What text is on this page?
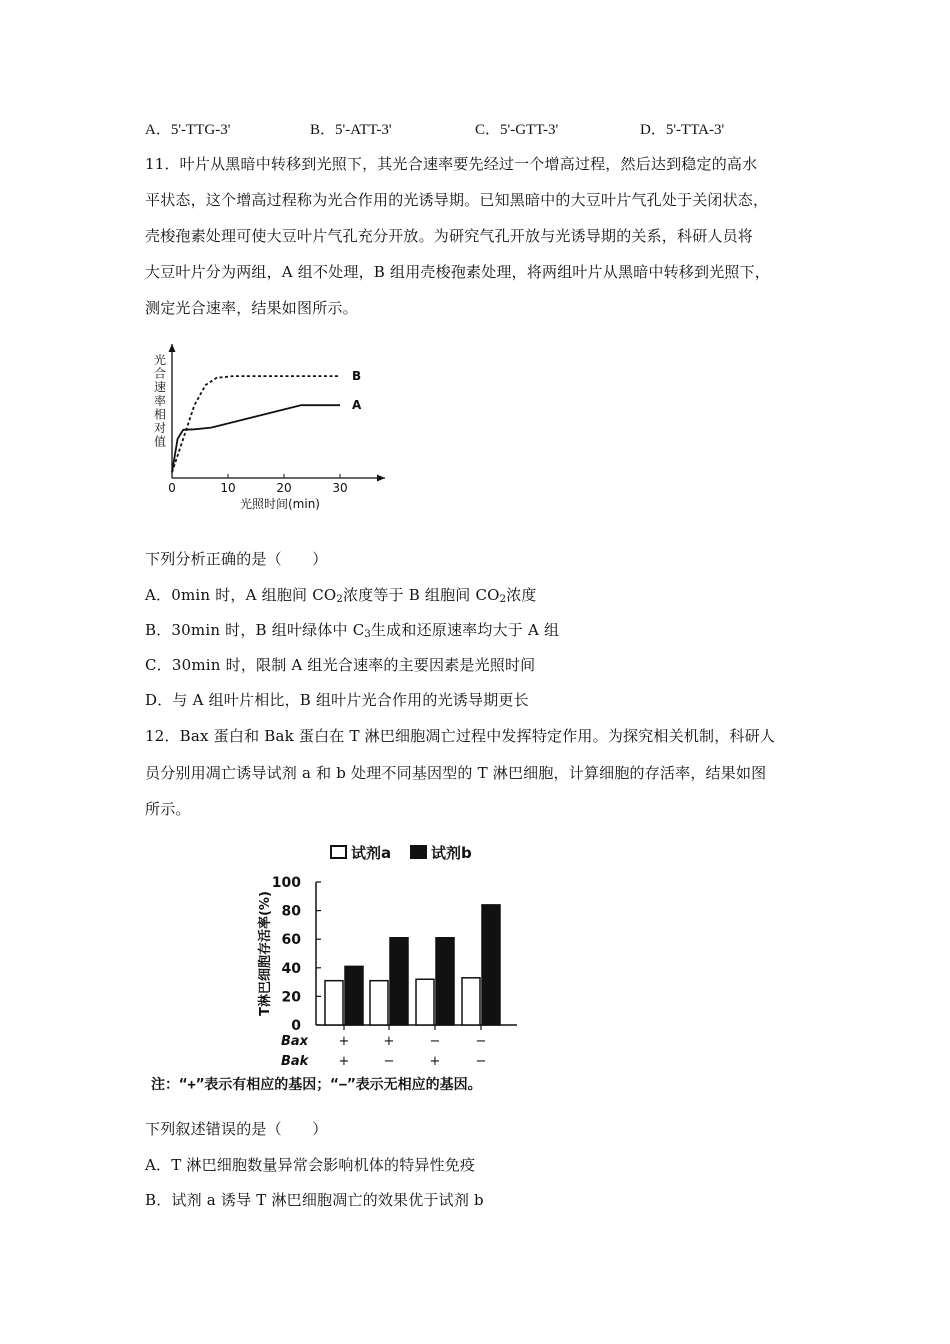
A．5'-TTG-3'	B．5'-ATT-3'	C．5'-GTT-3'	D．5'-TTA-3'
11．叶片从黑暗中转移到光照下，其光合速率要先经过一个增高过程，然后达到稳定的高水
平状态，这个增高过程称为光合作用的光诱导期。已知黑暗中的大豆叶片气孔处于关闭状态，
壳梭孢素处理可使大豆叶片气孔充分开放。为研究气孔开放与光诱导期的关系，科研人员将
大豆叶片分为两组，A 组不处理，B 组用壳梭孢素处理，将两组叶片从黑暗中转移到光照下，
测定光合速率，结果如图所示。
0	10	20	30
光照时间(min)
光合速率相对值
A
B
下列分析正确的是（　　）
A．0min 时，A 组胞间 $CO_2$浓度等于 B 组胞间 $CO_2$浓度
B．30min 时，B 组叶绿体中 $C_3$生成和还原速率均大于 A 组
C．30min 时，限制 A 组光合速率的主要因素是光照时间
D．与 A 组叶片相比，B 组叶片光合作用的光诱导期更长
12．Bax 蛋白和 Bak 蛋白在 T 淋巴细胞凋亡过程中发挥特定作用。为探究相关机制，科研人
员分别用凋亡诱导试剂 a 和 b 处理不同基因型的 T 淋巴细胞，计算细胞的存活率，结果如图
所示。
试剂a	试剂b
0
20
40
60
80
100
T淋巴细胞存活率(%)
Bax +	+	−	−
Bak +	−	+	−
注：“+”表示有相应的基因；“−”表示无相应的基因。
下列叙述错误的是（　　）
A．T 淋巴细胞数量异常会影响机体的特异性免疫
B．试剂 a 诱导 T 淋巴细胞凋亡的效果优于试剂 b
